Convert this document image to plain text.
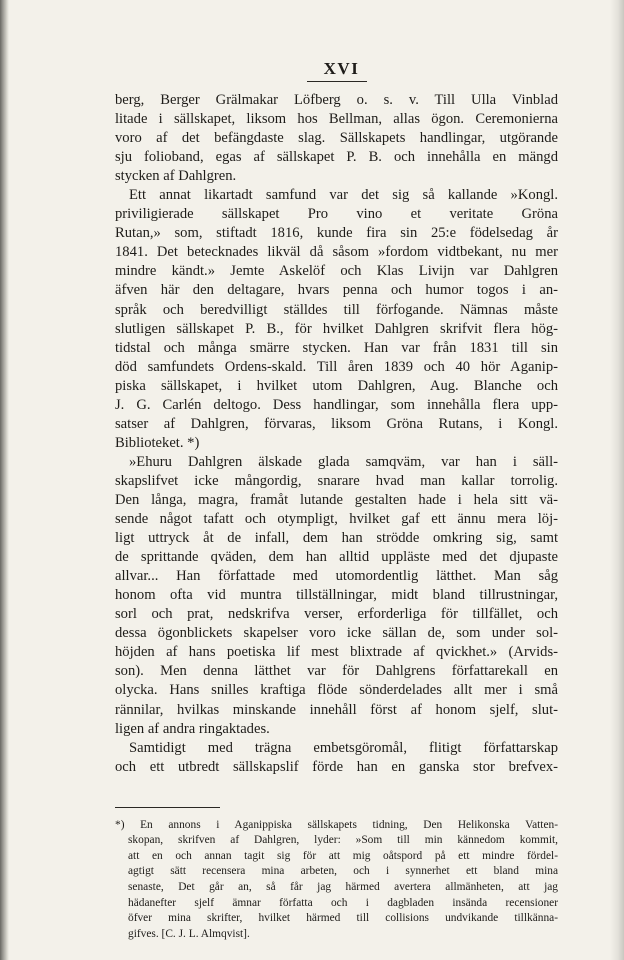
XVI
berg, Berger Grälmakar Löfberg o. s. v. Till Ulla Vinblad
litade i sällskapet, liksom hos Bellman, allas ögon. Ceremonierna
voro af det befängdaste slag. Sällskapets handlingar, utgörande
sju folioband, egas af sällskapet P. B. och innehålla en mängd
stycken af Dahlgren.
Ett annat likartadt samfund var det sig så kallande »Kongl.
priviligierade sällskapet Pro vino et veritate Gröna
Rutan,» som, stiftadt 1816, kunde fira sin 25:e födelsedag år
1841. Det betecknades likväl då såsom »fordom vidtbekant, nu mer
mindre kändt.» Jemte Askelöf och Klas Livijn var Dahlgren
äfven här den deltagare, hvars penna och humor togos i an-
språk och beredvilligt ställdes till förfogande. Nämnas måste
slutligen sällskapet P. B., för hvilket Dahlgren skrifvit flera hög-
tidstal och många smärre stycken. Han var från 1831 till sin
död samfundets Ordens-skald. Till åren 1839 och 40 hör Aganip-
piska sällskapet, i hvilket utom Dahlgren, Aug. Blanche och
J. G. Carlén deltogo. Dess handlingar, som innehålla flera upp-
satser af Dahlgren, förvaras, liksom Gröna Rutans, i Kongl.
Biblioteket. *)
»Ehuru Dahlgren älskade glada samqväm, var han i säll-
skapslifvet icke mångordig, snarare hvad man kallar torrolig.
Den långa, magra, framåt lutande gestalten hade i hela sitt vä-
sende något tafatt och otympligt, hvilket gaf ett ännu mera löj-
ligt uttryck åt de infall, dem han strödde omkring sig, samt
de sprittande qväden, dem han alltid uppläste med det djupaste
allvar... Han författade med utomordentlig lätthet. Man såg
honom ofta vid muntra tillställningar, midt bland tillrustningar,
sorl och prat, nedskrifva verser, erforderliga för tillfället, och
dessa ögonblickets skapelser voro icke sällan de, som under sol-
höjden af hans poetiska lif mest blixtrade af qvickhet.» (Arvids-
son). Men denna lätthet var för Dahlgrens författarekall en
olycka. Hans snilles kraftiga flöde sönderdelades allt mer i små
rännilar, hvilkas minskande innehåll först af honom sjelf, slut-
ligen af andra ringaktades.
Samtidigt med trägna embetsgöromål, flitigt författarskap
och ett utbredt sällskapslif förde han en ganska stor brefvex-
*) En annons i Aganippiska sällskapets tidning, Den Helikonska Vatten-
skopan, skrifven af Dahlgren, lyder: »Som till min kännedom kommit,
att en och annan tagit sig för att mig oåtspord på ett mindre fördel-
agtigt sätt recensera mina arbeten, och i synnerhet ett bland mina
senaste, Det går an, så får jag härmed avertera allmänheten, att jag
hädanefter sjelf ämnar författa och i dagbladen insända recensioner
öfver mina skrifter, hvilket härmed till collisions undvikande tillkänna-
gifves. [C. J. L. Almqvist].
